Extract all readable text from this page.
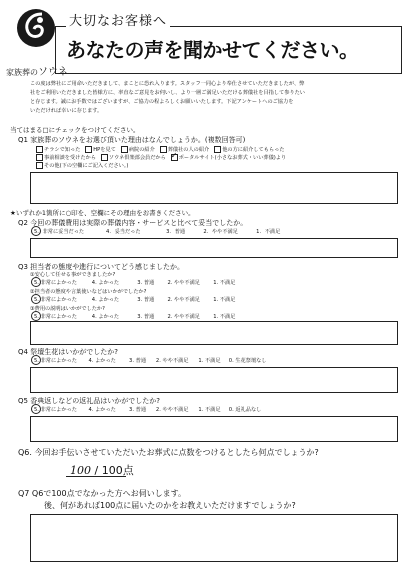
大切なお客様へ
あなたの声を聞かせてください。
家族葬のソウネ
この度は弊社にご用命いただきまして、まことに恐れ入ります。スタッフ一同心より奉仕させていただきましたが、弊
社をご利用いただきました皆様方に、率直なご意見をお伺いし、より一層ご満足いただける葬儀社を目指して参りたい
と存じます。誠にお手数ではございますが、ご協力の程よろしくお願いいたします。下記アンケートへのご協力を
いただければ幸いに存じます。
当てはまる□にチェックをつけてください。
Q1 家族葬のソウネをお選び頂いた理由はなんでしょうか。(複数回答可)
チラシで知った HPを見て 病院の紹介 葬儀社の人の紹介 他の方に紹介してもらった
事前相談を受けたから ソウネ倶楽部会員だから ✓ ポータルサイト(小さなお葬式・いい葬儀)より
その他(下の空欄にご記入ください。)
★いずれか1箇所に○印を、空欄にその理由をお書きください。
Q2 今回の葬儀費用は実際の葬儀内容・サービスと比べて妥当でしたか。
5. 非常に妥当だった	4. 妥当だった	3. 普通	2. やや不満足	1. 不満足
Q3 担当者の態度や進行についてどう感じましたか。
①安心して任せる事ができましたか?
5. 非常によかった	4. よかった	3. 普通	2. やや不満足	1. 不満足
②担当者の態度や言葉使いなどはいかがでしたか?
5. 非常によかった	4. よかった	3. 普通	2. やや不満足	1. 不満足
③費用の説明はいかがでしたか?
5. 非常によかった	4. よかった	3. 普通	2. やや不満足	1. 不満足
Q4 祭壇生花はいかがでしたか?
5. 非常によかった 4. よかった	3. 普通 2. やや不満足 1. 不満足 0. 生花祭壇なし
Q5 香典返しなどの返礼品はいかがでしたか?
5. 非常によかった 4. よかった	3. 普通 2. やや不満足 1. 不満足 0. 返礼品なし
Q6. 今回お手伝いさせていただいたお葬式に点数をつけるとしたら何点でしょうか?
100 / 100点
Q7 Q6で100点でなかった方へお伺いします。
後、何があれば100点に届いたのかをお教えいただけますでしょうか?
